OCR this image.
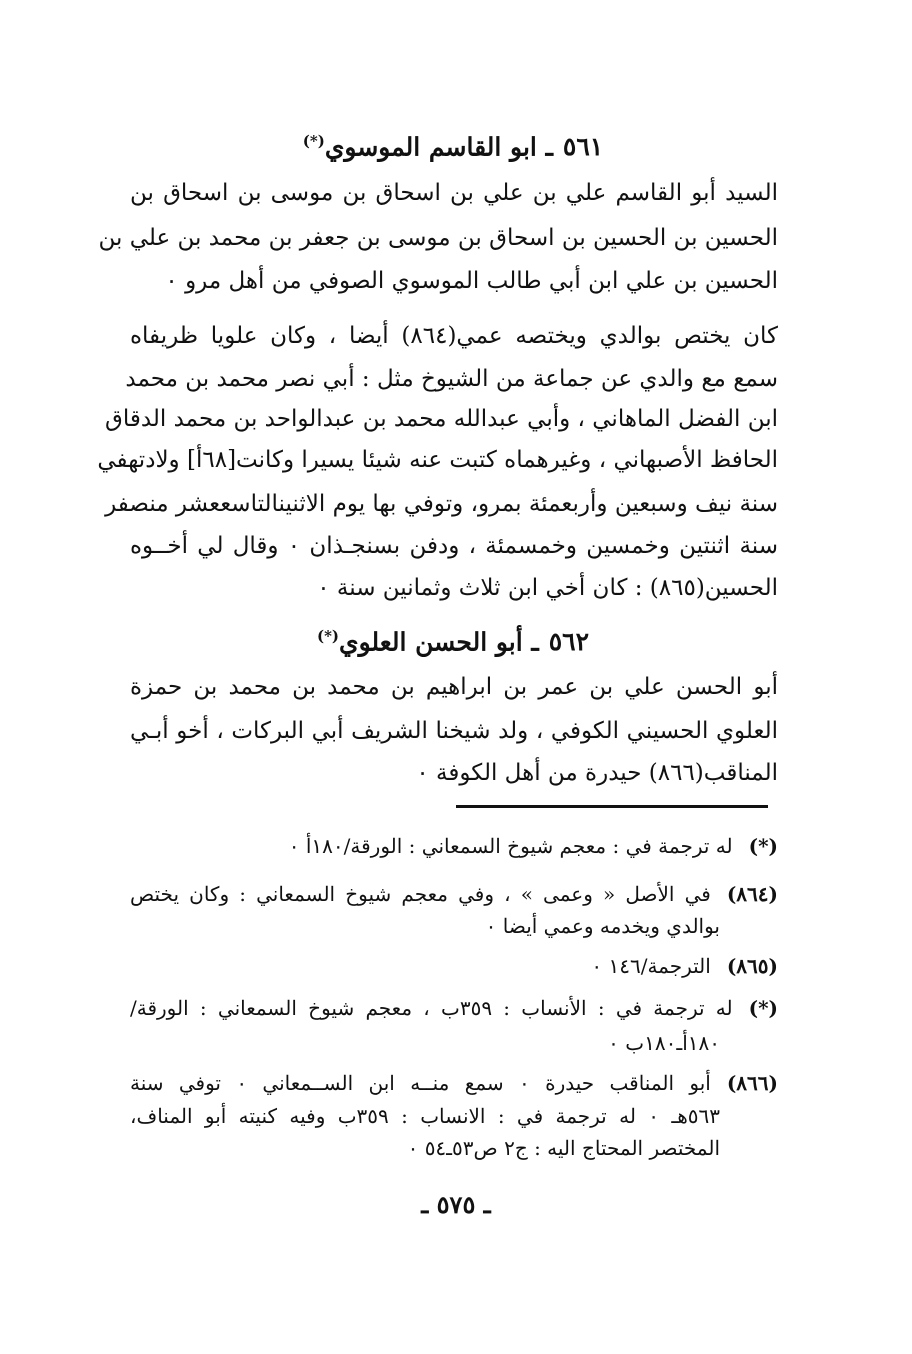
٥٦١ـ ابو القاسم الموسوي(*)
السيد أبو القاسم علي بن علي بن اسحاق بن موسى بن اسحاق بن
الحسين بن الحسين بن اسحاق بن موسى بن جعفر بن محمد بن علي بن
الحسين بن علي ابن أبي طالب الموسوي الصوفي من أهل مرو ٠
كان يختص بوالدي ويختصه عمي(٨٦٤) أيضا ، وكان علويا ظريفاه
سمع مع والدي عن جماعة من الشيوخ مثل : أبي نصر محمد بن محمد
ابن الفضل الماهاني ، وأبي عبدالله محمد بن عبدالواحد بن محمد الدقاق
الحافظ الأصبهاني ، وغيرهماه كتبت عنه شيئا يسيرا وكانت[٦٨أ] ولادتهفي
سنة نيف وسبعين وأربعمئة بمرو، وتوفي بها يوم الاثنينالتاسععشر منصفر
سنة اثنتين وخمسين وخمسمئة ، ودفن بسنجـذان ٠ وقال لي أخــوه
الحسين(٨٦٥) : كان أخي ابن ثلاث وثمانين سنة ٠
٥٦٢ـ أبو الحسن العلوي(*)
أبو الحسن علي بن عمر بن ابراهيم بن محمد بن محمد بن حمزة
العلوي الحسيني الكوفي ، ولد شيخنا الشريف أبي البركات ، أخو أبـي
المناقب(٨٦٦) حيدرة من أهل الكوفة ٠
(*)له ترجمة في : معجم شيوخ السمعاني : الورقة/١٨٠أ ٠
(٨٦٤)في الأصل « وعمى » ، وفي معجم شيوخ السمعاني : وكان يختص
بوالدي ويخدمه وعمي أيضا ٠
(٨٦٥)الترجمة/١٤٦ ٠
(*)له ترجمة في : الأنساب : ٣٥٩ب ، معجم شيوخ السمعاني : الورقة/
١٨٠أـ١٨٠ب ٠
(٨٦٦)أبو المناقب حيدرة ٠ سمع منــه ابن الســمعاني ٠ توفي سنة
٥٦٣هـ ٠ له ترجمة في : الانساب : ٣٥٩ب وفيه كنيته أبو المناف،
المختصر المحتاج اليه : ج٢ ص٥٣ـ٥٤ ٠
ـ ٥٧٥ ـ
